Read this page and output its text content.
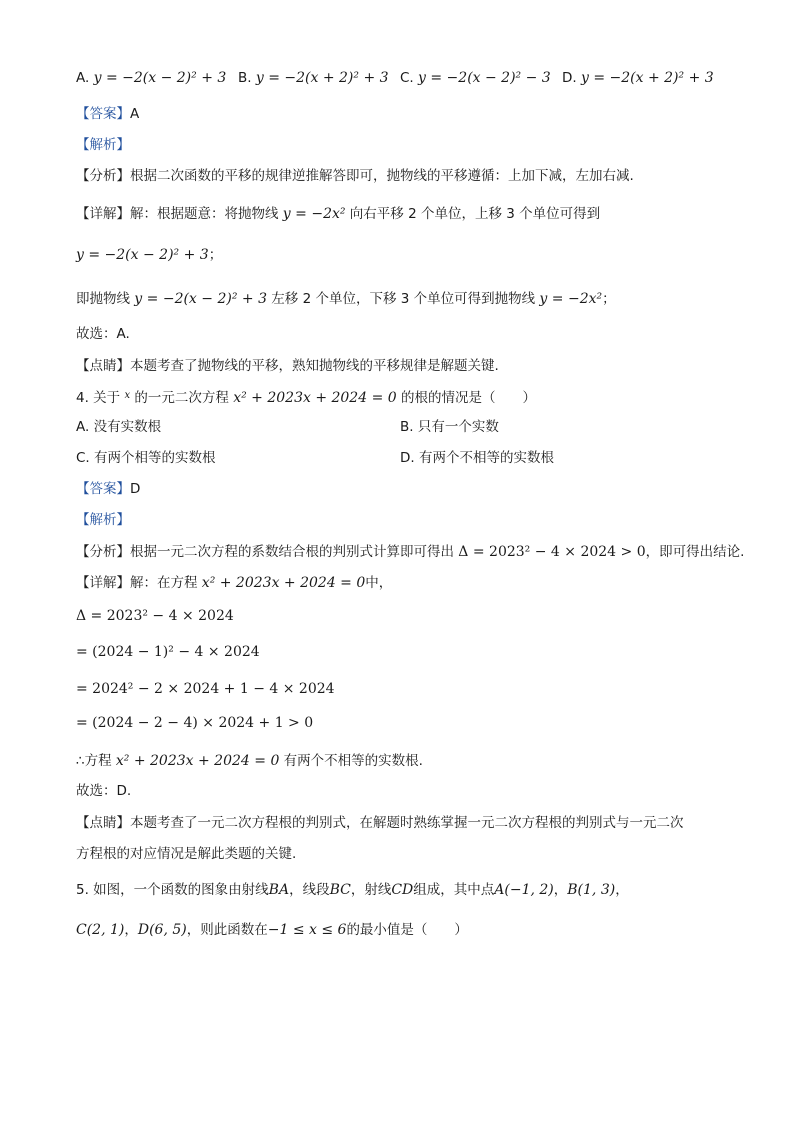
A. y = −2(x − 2)² + 3 B. y = −2(x + 2)² + 3 C. y = −2(x − 2)² − 3 D. y = −2(x + 2)² + 3
【答案】A
【解析】
【分析】根据二次函数的平移的规律逆推解答即可，抛物线的平移遵循：上加下减，左加右减.
【详解】解：根据题意：将抛物线 y = −2x² 向右平移 2 个单位，上移 3 个单位可得到
y = −2(x − 2)² + 3；
即抛物线 y = −2(x − 2)² + 3 左移 2 个单位，下移 3 个单位可得到抛物线 y = −2x²；
故选：A.
【点睛】本题考查了抛物线的平移，熟知抛物线的平移规律是解题关键.
4. 关于 $^x$ 的一元二次方程 x² + 2023x + 2024 = 0 的根的情况是（　　）
A. 没有实数根	B. 只有一个实数
C. 有两个相等的实数根	D. 有两个不相等的实数根
【答案】D
【解析】
【分析】根据一元二次方程的系数结合根的判别式计算即可得出 Δ = 2023² − 4 × 2024 > 0，即可得出结论.
【详解】解：在方程 x² + 2023x + 2024 = 0中，
Δ = 2023² − 4 × 2024
= (2024 − 1)² − 4 × 2024
= 2024² − 2 × 2024 + 1 − 4 × 2024
= (2024 − 2 − 4) × 2024 + 1 > 0
∴方程 x² + 2023x + 2024 = 0 有两个不相等的实数根.
故选：D.
【点睛】本题考查了一元二次方程根的判别式，在解题时熟练掌握一元二次方程根的判别式与一元二次
方程根的对应情况是解此类题的关键.
5. 如图，一个函数的图象由射线BA，线段BC，射线CD组成，其中点A(−1, 2)，B(1, 3)，
C(2, 1)，D(6, 5)，则此函数在−1 ≤ x ≤ 6的最小值是（　　）
